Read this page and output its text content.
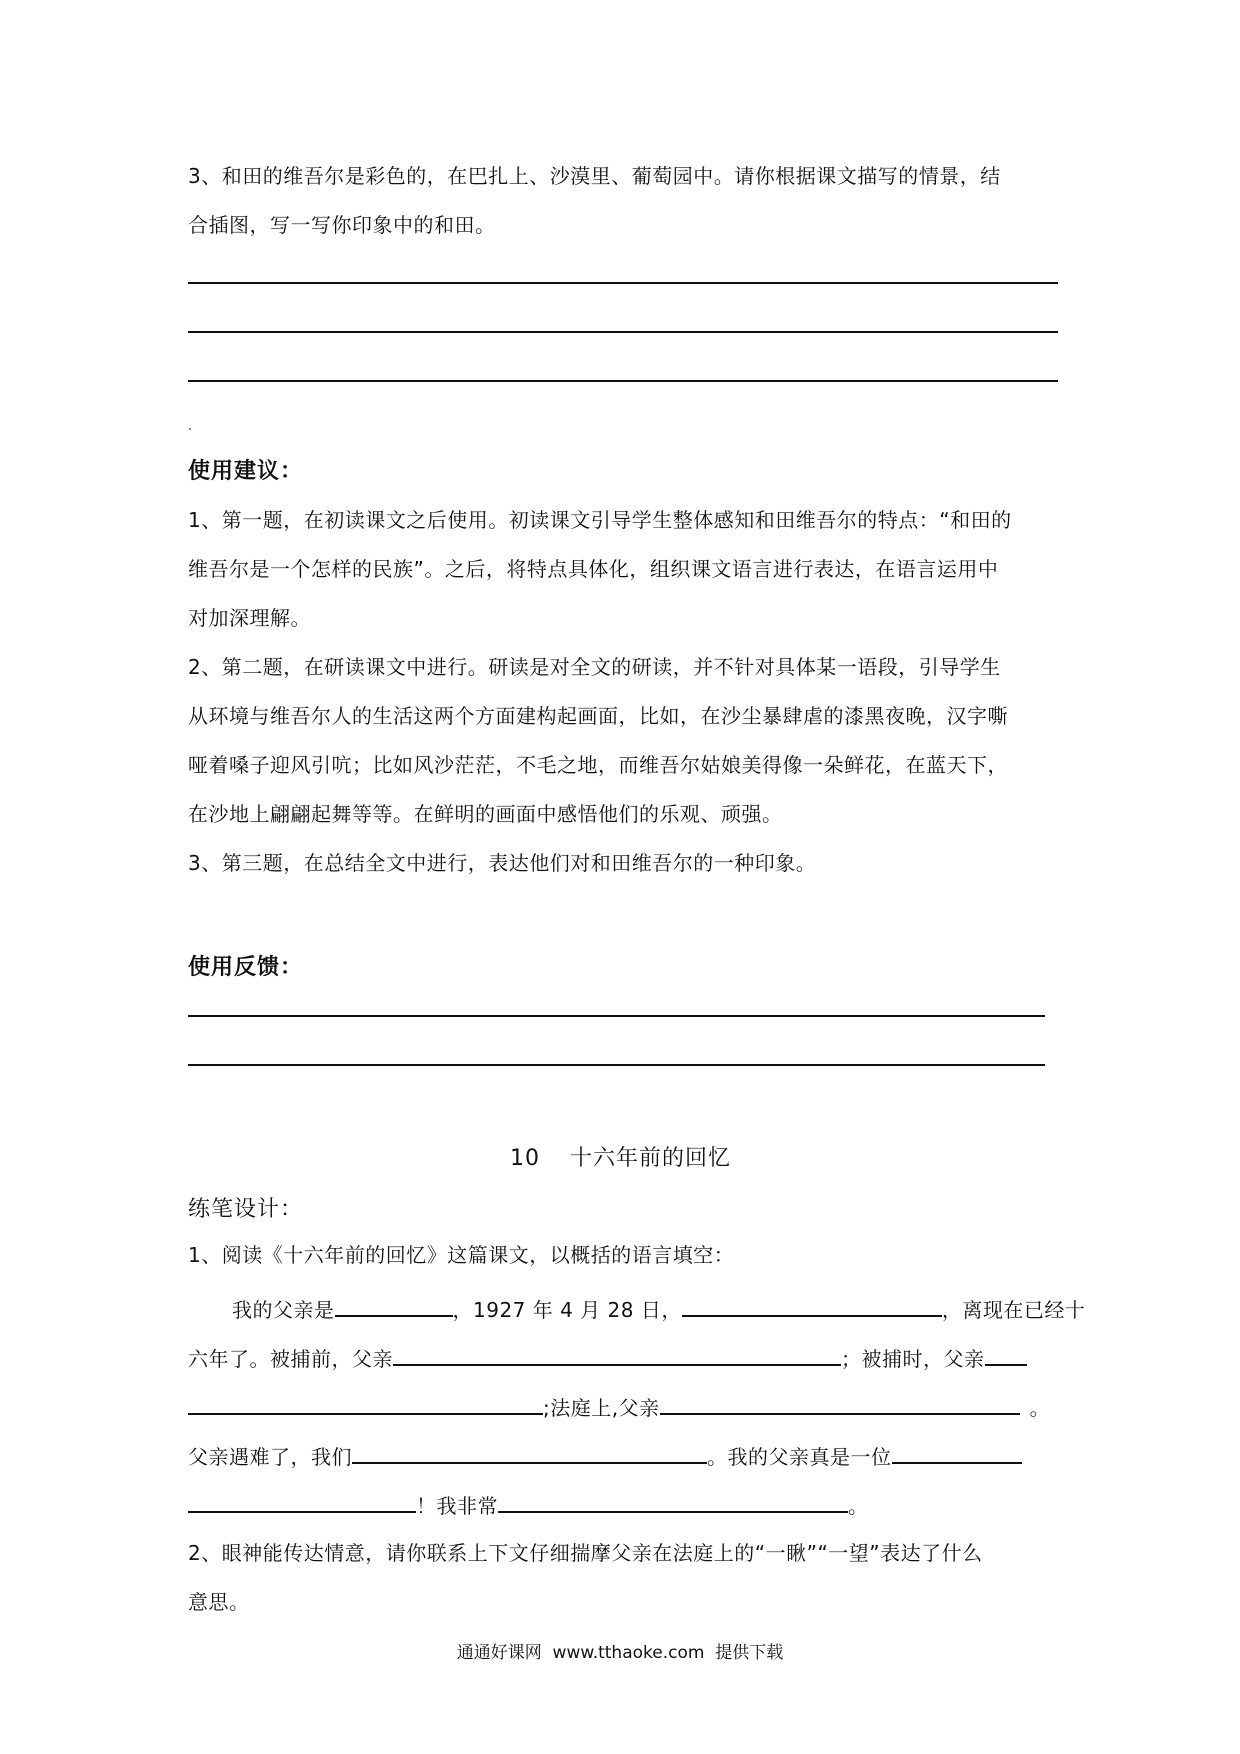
3、和田的维吾尔是彩色的，在巴扎上、沙漠里、葡萄园中。请你根据课文描写的情景，结
合插图，写一写你印象中的和田。
使用建议：
1、第一题，在初读课文之后使用。初读课文引导学生整体感知和田维吾尔的特点：“和田的
维吾尔是一个怎样的民族”。之后，将特点具体化，组织课文语言进行表达，在语言运用中
对加深理解。
2、第二题，在研读课文中进行。研读是对全文的研读，并不针对具体某一语段，引导学生
从环境与维吾尔人的生活这两个方面建构起画面，比如，在沙尘暴肆虐的漆黑夜晚，汉字嘶
哑着嗓子迎风引吭；比如风沙茫茫，不毛之地，而维吾尔姑娘美得像一朵鲜花，在蓝天下，
在沙地上翩翩起舞等等。在鲜明的画面中感悟他们的乐观、顽强。
3、第三题，在总结全文中进行，表达他们对和田维吾尔的一种印象。
使用反馈：
10 十六年前的回忆
练笔设计：
1、阅读《十六年前的回忆》这篇课文，以概括的语言填空：
我的父亲是	，1927 年 4 月 28 日，	，离现在已经十
六年了。被捕前，父亲	；被捕时，父亲
;法庭上,父亲	。
父亲遇难了，我们	。我的父亲真是一位
！我非常	。
2、眼神能传达情意，请你联系上下文仔细揣摩父亲在法庭上的“一瞅”“一望”表达了什么
意思。
通通好课网  www.tthaoke.com  提供下载
